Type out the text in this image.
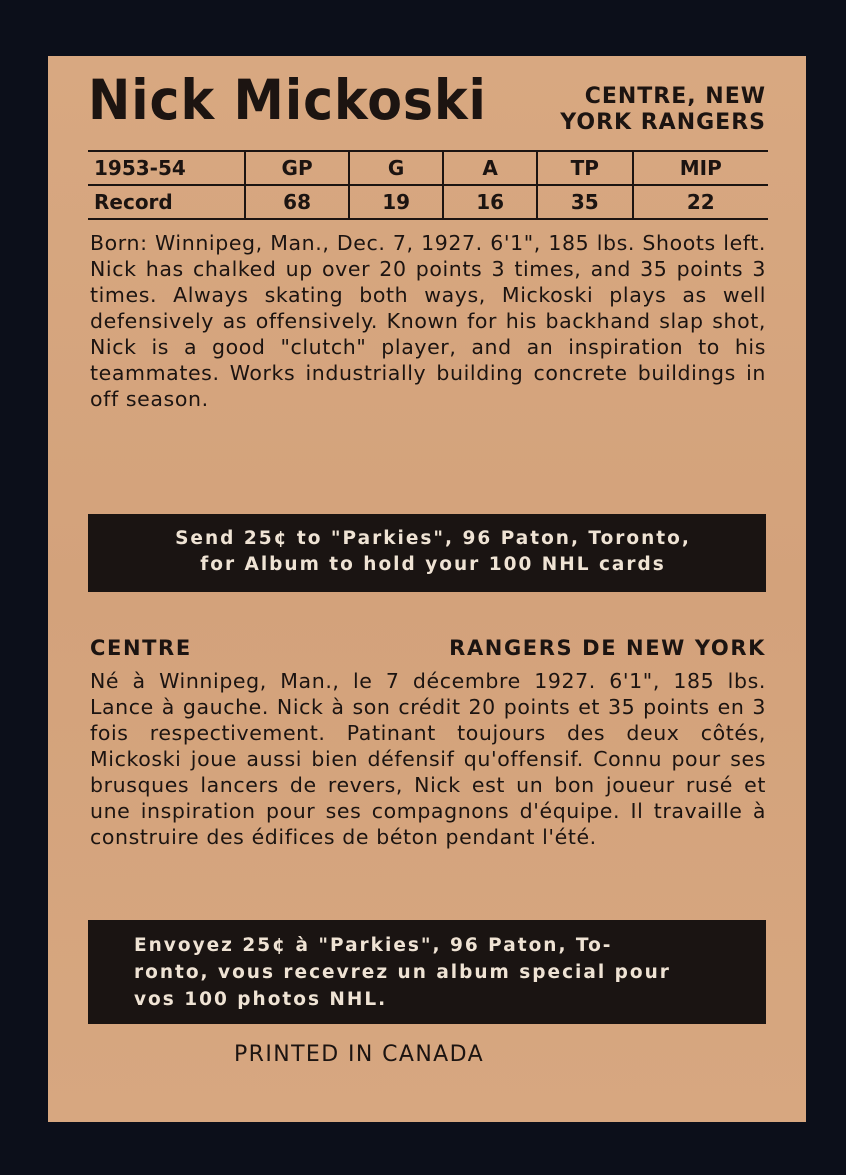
Nick Mickoski	CENTRE, NEW
YORK RANGERS
1953-54	GP	G	A	TP	MIP
Record	68	19	16	35	22
Born: Winnipeg, Man., Dec. 7, 1927. 6'1", 185 lbs. Shoots left. Nick has chalked up over 20 points 3 times, and 35 points 3 times. Always skating both ways, Mickoski plays as well defensively as offensively. Known for his backhand slap shot, Nick is a good "clutch" player, and an inspiration to his teammates. Works industrially building concrete buildings in off season.
Send 25¢ to "Parkies", 96 Paton, Toronto,
for Album to hold your 100 NHL cards
CENTRE	RANGERS DE NEW YORK
Né à Winnipeg, Man., le 7 décembre 1927. 6'1", 185 lbs. Lance à gauche. Nick à son crédit 20 points et 35 points en 3 fois respectivement. Patinant toujours des deux côtés, Mickoski joue aussi bien défensif qu'offensif. Connu pour ses brusques lancers de revers, Nick est un bon joueur rusé et une inspiration pour ses compagnons d'équipe. Il travaille à construire des édifices de béton pendant l'été.
Envoyez 25¢ à "Parkies", 96 Paton, To-
ronto, vous recevrez un album special pour
vos 100 photos NHL.
PRINTED IN CANADA
